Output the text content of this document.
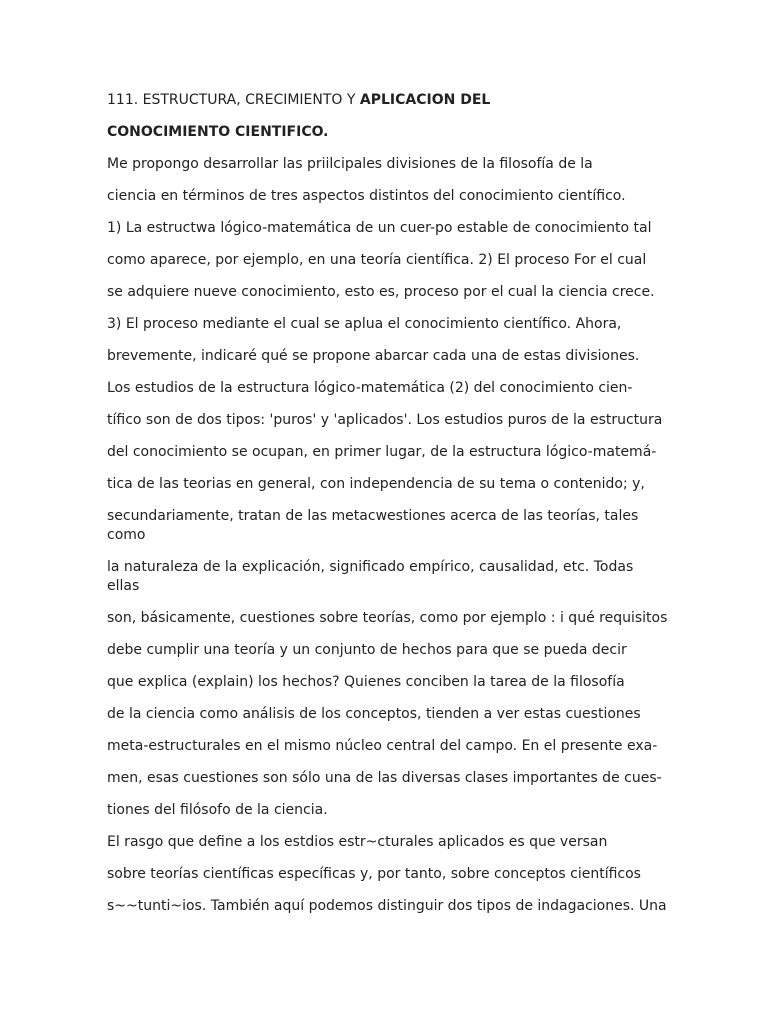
111. ESTRUCTURA, CRECIMIENTO Y APLICACION DEL
CONOCIMIENTO CIENTIFICO.
Me propongo desarrollar las priilcipales divisiones de la filosofía de la
ciencia en términos de tres aspectos distintos del conocimiento científico.
1) La estructwa lógico-matemática de un cuer-po estable de conocimiento tal
como aparece, por ejemplo, en una teoría científica. 2) El proceso For el cual
se adquiere nueve conocimiento, esto es, proceso por el cual la ciencia crece.
3) El proceso mediante el cual se aplua el conocimiento científico. Ahora,
brevemente, indicaré qué se propone abarcar cada una de estas divisiones.
Los estudios de la estructura lógico-matemática (2) del conocimiento cien-
tífico son de dos tipos: 'puros' y 'aplicados'. Los estudios puros de la estructura
del conocimiento se ocupan, en primer lugar, de la estructura lógico-matemá-
tica de las teorias en general, con independencia de su tema o contenido; y,
secundariamente, tratan de las metacwestiones acerca de las teorías, tales
como
la naturaleza de la explicación, significado empírico, causalidad, etc. Todas
ellas
son, básicamente, cuestiones sobre teorías, como por ejemplo : i qué requisitos
debe cumplir una teoría y un conjunto de hechos para que se pueda decir
que explica (explain) los hechos? Quienes conciben la tarea de la filosofía
de la ciencia como análisis de los conceptos, tienden a ver estas cuestiones
meta-estructurales en el mismo núcleo central del campo. En el presente exa-
men, esas cuestiones son sólo una de las diversas clases importantes de cues-
tiones del filósofo de la ciencia.
El rasgo que define a los estdios estr~cturales aplicados es que versan
sobre teorías científicas específicas y, por tanto, sobre conceptos científicos
s~~tunti~ios. También aquí podemos distinguir dos tipos de indagaciones. Una
